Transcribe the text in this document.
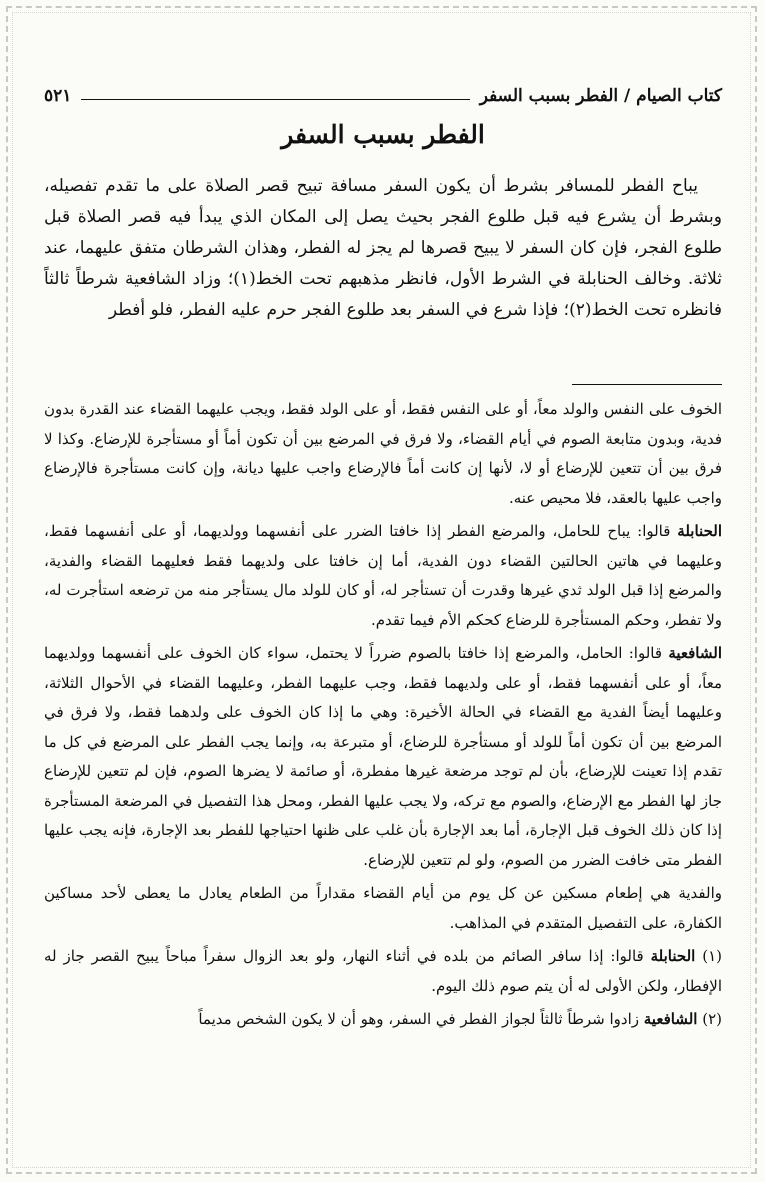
كتاب الصيام / الفطر بسبب السفر
٥٢١
الفطر بسبب السفر

يباح الفطر للمسافر بشرط أن يكون السفر مسافة تبيح قصر الصلاة على ما تقدم تفصيله، وبشرط أن يشرع فيه قبل طلوع الفجر بحيث يصل إلى المكان الذي يبدأ فيه قصر الصلاة قبل طلوع الفجر، فإن كان السفر لا يبيح قصرها لم يجز له الفطر، وهذان الشرطان متفق عليهما، عند ثلاثة. وخالف الحنابلة في الشرط الأول، فانظر مذهبهم تحت الخط(١)؛ وزاد الشافعية شرطاً ثالثاً فانظره تحت الخط(٢)؛ فإذا شرع في السفر بعد طلوع الفجر حرم عليه الفطر، فلو أفطر

الخوف على النفس والولد معاً، أو على النفس فقط، أو على الولد فقط، ويجب عليهما القضاء عند القدرة بدون فدية، وبدون متابعة الصوم في أيام القضاء، ولا فرق في المرضع بين أن تكون أماً أو مستأجرة للإرضاع. وكذا لا فرق بين أن تتعين للإرضاع أو لا، لأنها إن كانت أماً فالإرضاع واجب عليها ديانة، وإن كانت مستأجرة فالإرضاع واجب عليها بالعقد، فلا محيص عنه.

الحنابلة قالوا: يباح للحامل، والمرضع الفطر إذا خافتا الضرر على أنفسهما وولديهما، أو على أنفسهما فقط، وعليهما في هاتين الحالتين القضاء دون الفدية، أما إن خافتا على ولديهما فقط فعليهما القضاء والفدية، والمرضع إذا قبل الولد ثدي غيرها وقدرت أن تستأجر له، أو كان للولد مال يستأجر منه من ترضعه استأجرت له، ولا تفطر، وحكم المستأجرة للرضاع كحكم الأم فيما تقدم.

الشافعية قالوا: الحامل، والمرضع إذا خافتا بالصوم ضرراً لا يحتمل، سواء كان الخوف على أنفسهما وولديهما معاً، أو على أنفسهما فقط، أو على ولديهما فقط، وجب عليهما الفطر، وعليهما القضاء في الأحوال الثلاثة، وعليهما أيضاً الفدية مع القضاء في الحالة الأخيرة: وهي ما إذا كان الخوف على ولدهما فقط، ولا فرق في المرضع بين أن تكون أماً للولد أو مستأجرة للرضاع، أو متبرعة به، وإنما يجب الفطر على المرضع في كل ما تقدم إذا تعينت للإرضاع، بأن لم توجد مرضعة غيرها مفطرة، أو صائمة لا يضرها الصوم، فإن لم تتعين للإرضاع جاز لها الفطر مع الإرضاع، والصوم مع تركه، ولا يجب عليها الفطر، ومحل هذا التفصيل في المرضعة المستأجرة إذا كان ذلك الخوف قبل الإجارة، أما بعد الإجارة بأن غلب على ظنها احتياجها للفطر بعد الإجارة، فإنه يجب عليها الفطر متى خافت الضرر من الصوم، ولو لم تتعين للإرضاع.

والفدية هي إطعام مسكين عن كل يوم من أيام القضاء مقداراً من الطعام يعادل ما يعطى لأحد مساكين الكفارة، على التفصيل المتقدم في المذاهب.

(١) الحنابلة قالوا: إذا سافر الصائم من بلده في أثناء النهار، ولو بعد الزوال سفراً مباحاً يبيح القصر جاز له الإفطار، ولكن الأولى له أن يتم صوم ذلك اليوم.

(٢) الشافعية زادوا شرطاً ثالثاً لجواز الفطر في السفر، وهو أن لا يكون الشخص مديماً
